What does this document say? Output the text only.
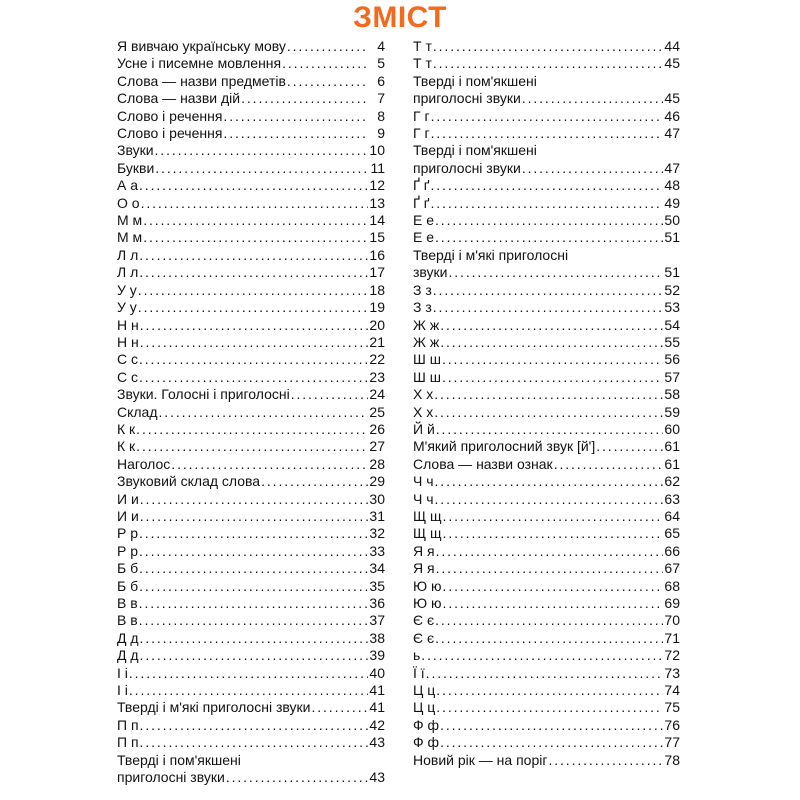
ЗМІСТ
Я вивчаю українську мову . . .	4
Усне і писемне мовлення . . .	5
Слова — назви предметів . . .	6
Слова — назви дій . . .	7
Слово і речення . . .	8
Слово і речення . . .	9
Звуки . . .	10
Букви . . .	11
А а . . .	12
О о . . .	13
М м . . .	14
М м . . .	15
Л л . . .	16
Л л . . .	17
У у . . .	18
У у . . .	19
Н н . . .	20
Н н . . .	21
С с . . .	22
С с . . .	23
Звуки. Голосні і приголосні . . .	24
Склад . . .	25
К к . . .	26
К к . . .	27
Наголос . . .	28
Звуковий склад слова . . .	29
И и . . .	30
И и . . .	31
Р р . . .	32
Р р . . .	33
Б б . . .	34
Б б . . .	35
В в . . .	36
В в . . .	37
Д д . . .	38
Д д . . .	39
І і . . .	40
І і . . .	41
Тверді і м'які приголосні звуки . . .	41
П п . . .	42
П п . . .	43
Тверді і пом'якшені
приголосні звуки . . .	43
Т т . . .	44
Т т . . .	45
Тверді і пом'якшені
приголосні звуки . . .	45
Г г . . .	46
Г г . . .	47
Тверді і пом'якшені
приголосні звуки . . .	47
Ґ ґ . . .	48
Ґ ґ . . .	49
Е е . . .	50
Е е . . .	51
Тверді і м'які приголосні
звуки . . .	51
З з . . .	52
З з . . .	53
Ж ж . . .	54
Ж ж . . .	55
Ш ш . . .	56
Ш ш . . .	57
Х х . . .	58
Х х . . .	59
Й й . . .	60
М'який приголосний звук [й'] . . .	61
Слова — назви ознак . . .	61
Ч ч . . .	62
Ч ч . . .	63
Щ щ . . .	64
Щ щ . . .	65
Я я . . .	66
Я я . . .	67
Ю ю . . .	68
Ю ю . . .	69
Є є . . .	70
Є є . . .	71
ь . . .	72
Ї ї . . .	73
Ц ц . . .	74
Ц ц . . .	75
Ф ф . . .	76
Ф ф . . .	77
Новий рік — на поріг . . .	78
